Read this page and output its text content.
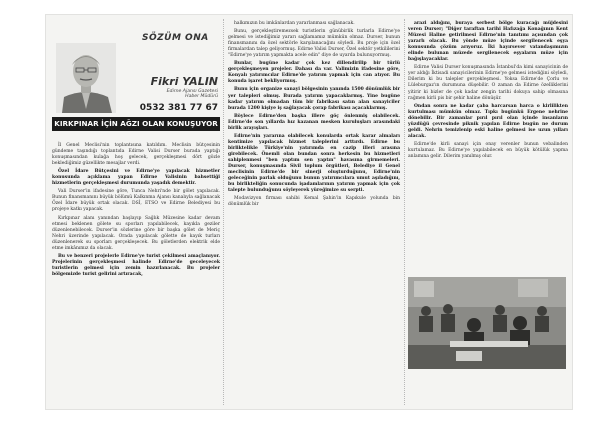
SÖZÜM ONA
Fikri YALIN
Edirne Ajansı Gazetesi
Haber Müdürü
0532 381 77 67
KIRKPINAR İÇİN AĞZI OLAN KONUŞUYOR

İl Genel Meclisi'nin toplantısına katıldım. Meclisin bütçesinin gündeme taşındığı toplantıda Edirne Valisi Durser burada yaptığı konuşmasından kulağa hoş gelecek, gerçekleşmesi dört gözle beklediğimiz güzellikte mesajlar verdi.

Özel İdare Bütçesini ve Edirne'ye yapılacak hizmetler konusunda açıklama yapan Edirne Valisinin bahsettiği hizmetlerin gerçekleşmesi durumunda yaşadık demektir.

Vali Durser'in ifadesine göre, Tunca Nehri'nde bir gölet yapılacak. Bunun finansmanını büyük bölümü Kalkınma Ajansı kanalıyla sağlanacak Özel İdare büyük ortak olacak. DSİ, ETSO ve Edirne Belediyesi bu projeye katkı yapacak.

Kırkpınar alanı yanından başlayıp Sağlık Müzesine kadar devam etmesi beklenen gölete su sporları yapılabilecek, kayıkla geziler düzenlenebilecek. Durser'in sözlerine göre bir başka gölet de Meriç Nehri üzerinde yapılacak. Orada yapılacak gölette de kayık turları düzenlenerek su sporları gerçekleşecek. Bu göletlerden elektrik elde etme imkânımız da olacak.

Bu ve benzeri projelerle Edirne'ye turist çekilmesi amaçlanıyor. Projelerinin gerçekleşmesi halinde Edirne'de geceleyecek turistlerin gelmesi için zemin hazırlanacak. Bu projeler bölgemizde turist gelirini artıracak,

halkımızın bu imkânlardan yararlanması sağlanacak.

Bunu, gerçekleştiremezsek turistlerin günübirlik turlarla Edirne'ye gelmesi ve istediğimiz yararı sağlamamız mümkün olmaz. Durser, bunun finansmanını da özel sektörle karşılanacağını söyledi. Bu proje için özel firmalardan talep geliyormuş. Edirne Valisi Durser, Özel sektör yetkililerini "Edirne'ye yatırım yapmakta acele edin" diye de uyarda bulunuyormuş.

Bunlar, bugüne kadar çok kez dillendirilip bir türlü gerçekleşmeyen projeler. Dahası da var. Valimizin ifadesine göre, Konyalı yatırımcılar Edirne'de yatırım yapmak için can atıyor. Bu konuda işaret bekliyormuş.

Bunu için organize sanayi bölgesinin yanında 1500 dönümlük bir yer talepleri olmuş. Burada yatırım yapacaklarmış. Yine bugüne kadar yatırım olmadan tüm bir fabrikası satın alan sanayiciler burada 1200 kişiye iş sağlayacak çorap fabrikası açacaklarmış.

Böylece Edirne'den başka illere göç önlenmiş olabilecek. Edirne'de son yıllarda hız kazanan mesken kuruluşları arasındaki birlik arayışları.

Edirne'nin yararına olabilecek konularda ortak karar almaları kentimize yapılacak hizmet taleplerini arttırdı. Edirne bu birliktelikle Türkiye'nin yatırımda en cazip illeri arasına girebilecek. Önemli olan bundan sonra herkesin bu hizmetleri sahiplenmesi "ben yaptım sen yaptın" havasına girmemeleri. Durser, konuşmasında Sivil toplum örgütleri, Belediye il Genel meclisinin Edirne'de bir sinerji oluşturduğunu, Edirne'nin geleceğinin parlak olduğunu bunun yatırımcılara umut aşıladığını, bu birlikteliğin sonucunda işadamlarının yatırım yapmak için çok talepte bulunduğunu söyleyerek yüreğimize su serpti.

Modavizyon firması sahibi Kemal Şahin'in Kapıkule yolunda bin dönümlük bir

arazi aldığını, buraya serbest bölge kuracağı müjdesini veren Durser; "Diğer taraftan tarihi Hafızağa Konağının Kent Müzesi Haline getirilmesi Edirne'nin tanıtımı açısından çok yararlı olacak. Bu yönde müze içinde sergilenecek eşya konusunda çözüm arıyoruz. İki hayırsever vatandaşımızın elinde bulunan müzede sergilenecek eşyaların müze için bağışlayacaklar.

Edirne Valisi Durser konuşmasında İstanbul'da kimi sanayicinin de yer aldığı İktisadi sanayicilerinin Edirne'ye gelmesi istediğini söyledi, Dilerim ki bu talepler gerçekleşmesi. Yoksa Edirne'de Çorlu ve Lüleburgaz'ın durumuna düşebilir. O zaman da Edirne özelliklerini yitirir ki bizler de çok kadar zengin tarihi dokuya sahip olmasına rağmen kirli pis bir şehir haline dönüşür.

Ondan sonra ne kadar çaba harcarsan harca o kirlilikten kurtulması mümkün olmaz. Tıpkı bugünkü Ergene nehrine dönebilir. Bir zamanlar pırıl pırıl olan içinde insanların yüzdüğü çevresinde piknik yapılan Edirne bugün ne durum geldi. Nehrin temizlenip eski haline gelmesi ise uzun yılları alacak.

Edirne'de kirli sanayi için onay verenler bunun vebalinden kurtulamaz. Bu Edirne'ye yapılabilecek en büyük kötülük yapma anlamına gelir. Dilerim yanılmış olur.
